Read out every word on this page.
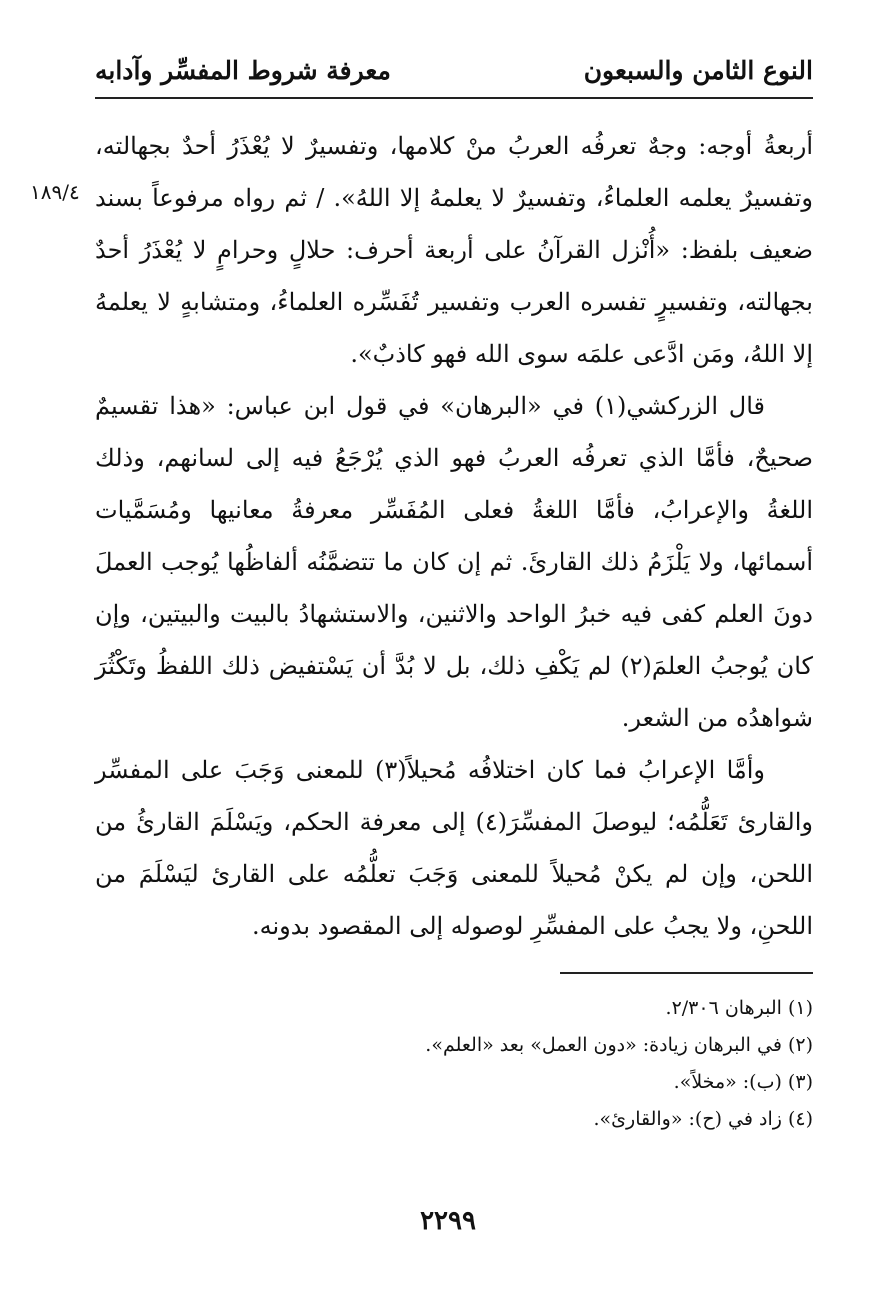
النوع الثامن والسبعون
معرفة شروط المفسِّر وآدابه
١٨٩/٤

أربعةُ أوجه: وجهٌ تعرفُه العربُ منْ كلامها، وتفسيرٌ لا يُعْذَرُ أحدٌ بجهالته، وتفسيرٌ يعلمه العلماءُ، وتفسيرٌ لا يعلمهُ إلا اللهُ». / ثم رواه مرفوعاً بسند ضعيف بلفظ: «أُنْزل القرآنُ على أربعة أحرف: حلالٍ وحرامٍ لا يُعْذَرُ أحدٌ بجهالته، وتفسيرٍ تفسره العرب وتفسير تُفَسِّره العلماءُ، ومتشابهٍ لا يعلمهُ إلا اللهُ، ومَن ادَّعى علمَه سوى الله فهو كاذبٌ».

قال الزركشي(١) في «البرهان» في قول ابن عباس: «هذا تقسيمٌ صحيحٌ، فأمَّا الذي تعرفُه العربُ فهو الذي يُرْجَعُ فيه إلى لسانهم، وذلك اللغةُ والإعرابُ، فأمَّا اللغةُ فعلى المُفَسِّر معرفةُ معانيها ومُسَمَّيات أسمائها، ولا يَلْزَمُ ذلك القارئَ. ثم إن كان ما تتضمَّنُه ألفاظُها يُوجب العملَ دونَ العلم كفى فيه خبرُ الواحد والاثنين، والاستشهادُ بالبيت والبيتين، وإن كان يُوجبُ العلمَ(٢) لم يَكْفِ ذلك، بل لا بُدَّ أن يَسْتفيض ذلك اللفظُ وتَكْثُرَ شواهدُه من الشعر.

وأمَّا الإعرابُ فما كان اختلافُه مُحيلاً(٣) للمعنى وَجَبَ على المفسِّر والقارئ تَعَلُّمُه؛ ليوصلَ المفسِّرَ(٤) إلى معرفة الحكم، ويَسْلَمَ القارئُ من اللحن، وإن لم يكنْ مُحيلاً للمعنى وَجَبَ تعلُّمُه على القارئ ليَسْلَمَ من اللحنِ، ولا يجبُ على المفسِّرِ لوصوله إلى المقصود بدونه.

(١) البرهان ٢/٣٠٦.
(٢) في البرهان زيادة: «دون العمل» بعد «العلم».
(٣) (ب): «مخلاً».
(٤) زاد في (ح): «والقارئ».
٢٢٩٩
